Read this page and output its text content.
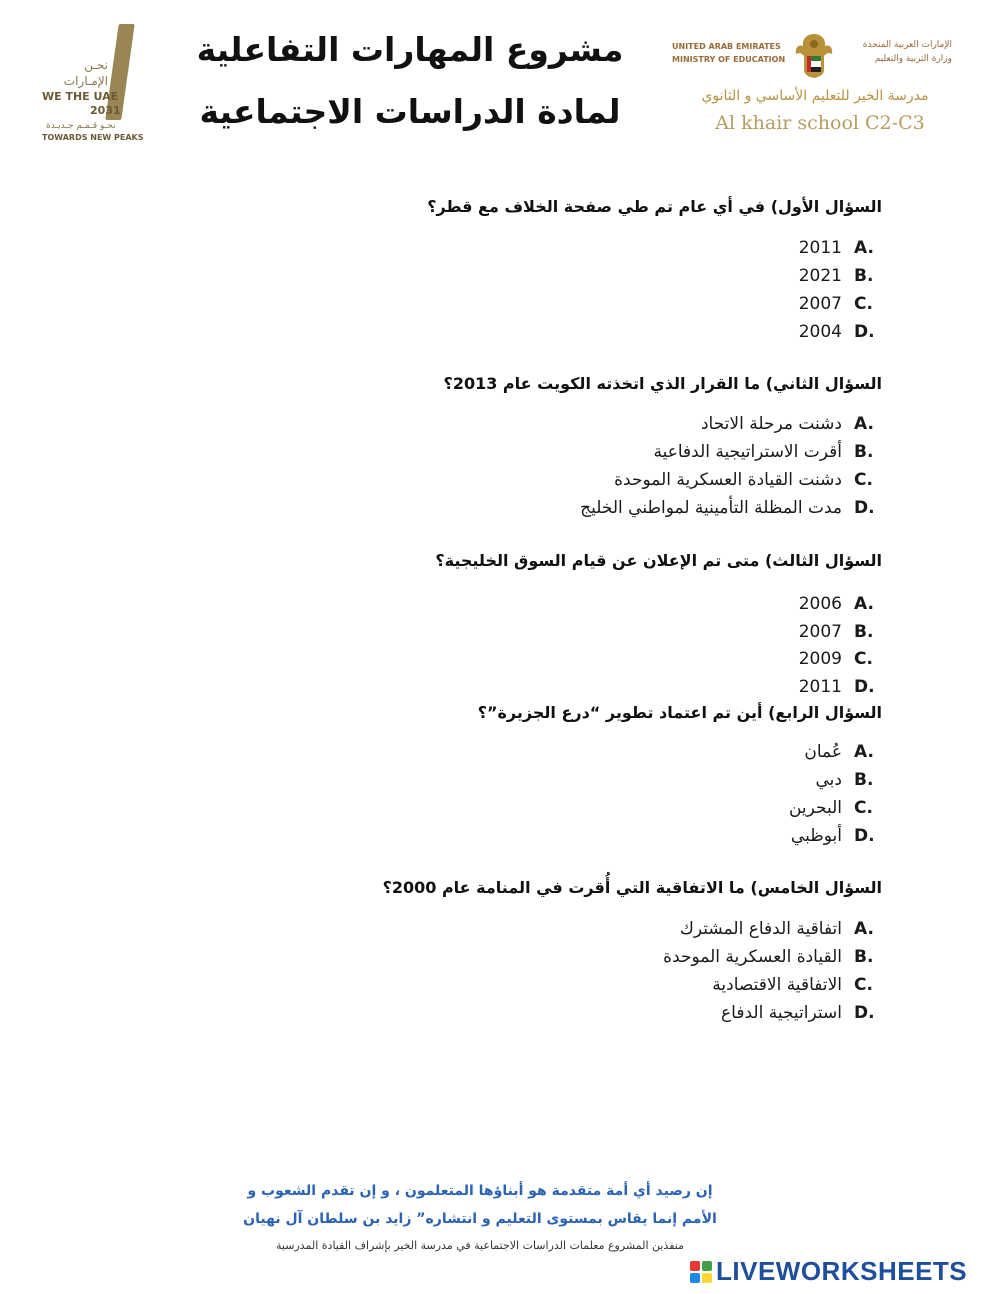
نحـن
الإمـارات
WE THE UAE
2031
نحـو قـمـم جـديـدة
TOWARDS NEW PEAKS
مشروع المهارات التفاعلية
لمادة الدراسات الاجتماعية
UNITED ARAB EMIRATES
MINISTRY OF EDUCATION
الإمارات العربية المتحدة
وزارة التربية والتعليم
مدرسة الخير للتعليم الأساسي و الثانوي
Al khair school C2-C3
السؤال الأول) في أي عام تم طي صفحة الخلاف مع قطر؟
2011 A.
2021 B.
2007 C.
2004 D.
السؤال الثاني) ما القرار الذي اتخذته الكويت عام 2013؟
دشنت مرحلة الاتحاد A.
أقرت الاستراتيجية الدفاعية B.
دشنت القيادة العسكرية الموحدة C.
مدت المظلة التأمينية لمواطني الخليج D.
السؤال الثالث) متى تم الإعلان عن قيام السوق الخليجية؟
2006 A.
2007 B.
2009 C.
2011 D.
السؤال الرابع) أين تم اعتماد تطوير “درع الجزيرة”؟
عُمان A.
دبي B.
البحرين C.
أبوظبي D.
السؤال الخامس) ما الاتفاقية التي أُقرت في المنامة عام 2000؟
اتفاقية الدفاع المشترك A.
القيادة العسكرية الموحدة B.
الاتفاقية الاقتصادية C.
استراتيجية الدفاع D.
إن رصيد أي أمة متقدمة هو أبناؤها المتعلمون ، و إن تقدم الشعوب و
الأمم إنما يقاس بمستوى التعليم و انتشاره” زايد بن سلطان آل نهيان
منفذين المشروع معلمات الدراسات الاجتماعية في مدرسة الخير بإشراف القيادة المدرسية
LIVEWORKSHEETS
